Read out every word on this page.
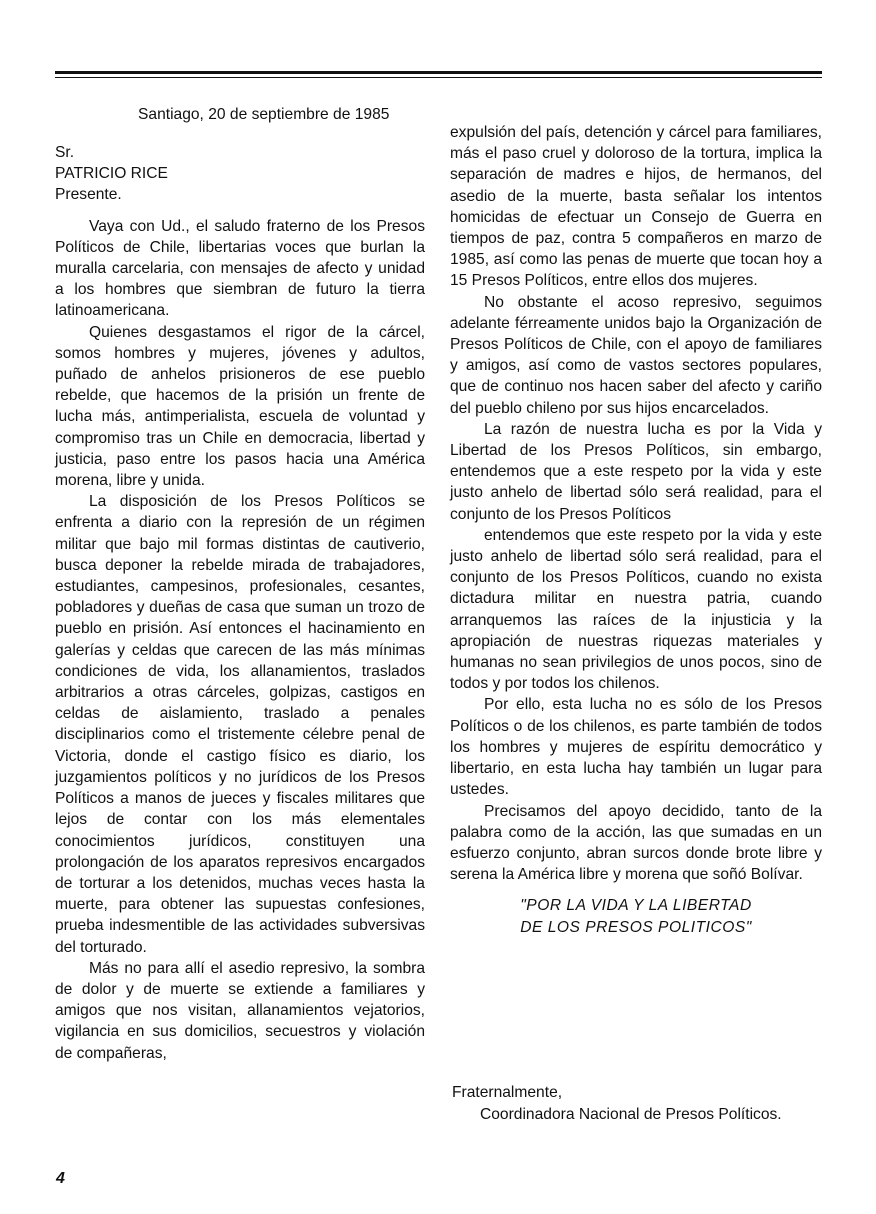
Santiago, 20 de septiembre de 1985

Sr.

PATRICIO RICE

Presente.

Vaya con Ud., el saludo fraterno de los Presos Políticos de Chile, libertarias voces que burlan la muralla carcelaria, con mensajes de afecto y unidad a los hombres que siembran de futuro la tierra latinoamericana.

Quienes desgastamos el rigor de la cárcel, somos hombres y mujeres, jóvenes y adultos, puñado de anhelos prisioneros de ese pueblo rebelde, que hacemos de la prisión un frente de lucha más, antimperialista, escuela de voluntad y compromiso tras un Chile en democracia, libertad y justicia, paso entre los pasos hacia una América morena, libre y unida.

La disposición de los Presos Políticos se enfrenta a diario con la represión de un régimen militar que bajo mil formas distintas de cautiverio, busca deponer la rebelde mirada de trabajadores, estudiantes, campesinos, profesionales, cesantes, pobladores y dueñas de casa que suman un trozo de pueblo en prisión. Así entonces el hacinamiento en galerías y celdas que carecen de las más mínimas condiciones de vida, los allanamientos, traslados arbitrarios a otras cárceles, golpizas, castigos en celdas de aislamiento, traslado a penales disciplinarios como el tristemente célebre penal de Victoria, donde el castigo físico es diario, los juzgamientos políticos y no jurídicos de los Presos Políticos a manos de jueces y fiscales militares que lejos de contar con los más elementales conocimientos jurídicos, constituyen una prolongación de los aparatos represivos encargados de torturar a los detenidos, muchas veces hasta la muerte, para obtener las supuestas confesiones, prueba indesmentible de las actividades subversivas del torturado.

Más no para allí el asedio represivo, la sombra de dolor y de muerte se extiende a familiares y amigos que nos visitan, allanamientos vejatorios, vigilancia en sus domicilios, secuestros y violación de compañeras,

expulsión del país, detención y cárcel para familiares, más el paso cruel y doloroso de la tortura, implica la separación de madres e hijos, de hermanos, del asedio de la muerte, basta señalar los intentos homicidas de efectuar un Consejo de Guerra en tiempos de paz, contra 5 compañeros en marzo de 1985, así como las penas de muerte que tocan hoy a 15 Presos Políticos, entre ellos dos mujeres.

No obstante el acoso represivo, seguimos adelante férreamente unidos bajo la Organización de Presos Políticos de Chile, con el apoyo de familiares y amigos, así como de vastos sectores populares, que de continuo nos hacen saber del afecto y cariño del pueblo chileno por sus hijos encarcelados.

La razón de nuestra lucha es por la Vida y Libertad de los Presos Políticos, sin embargo, entendemos que a este respeto por la vida y este justo anhelo de libertad sólo será realidad, para el conjunto de los Presos Políticos

entendemos que este respeto por la vida y este justo anhelo de libertad sólo será realidad, para el conjunto de los Presos Políticos, cuando no exista dictadura militar en nuestra patria, cuando arranquemos las raíces de la injusticia y la apropiación de nuestras riquezas materiales y humanas no sean privilegios de unos pocos, sino de todos y por todos los chilenos.

Por ello, esta lucha no es sólo de los Presos Políticos o de los chilenos, es parte también de todos los hombres y mujeres de espíritu democrático y libertario, en esta lucha hay también un lugar para ustedes.

Precisamos del apoyo decidido, tanto de la palabra como de la acción, las que sumadas en un esfuerzo conjunto, abran surcos donde brote libre y serena la América libre y morena que soñó Bolívar.

"POR LA VIDA Y LA LIBERTAD

DE LOS PRESOS POLITICOS"

Fraternalmente,
Coordinadora Nacional de Presos Políticos.
4
